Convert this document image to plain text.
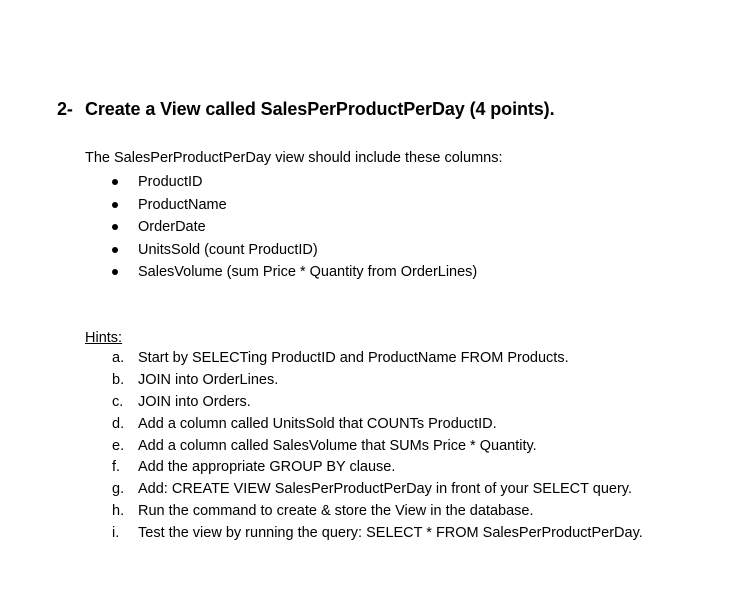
2- Create a View called SalesPerProductPerDay (4 points).
The SalesPerProductPerDay view should include these columns:
ProductID
ProductName
OrderDate
UnitsSold (count ProductID)
SalesVolume (sum Price * Quantity from OrderLines)
Hints:
a. Start by SELECTing ProductID and ProductName FROM Products.
b. JOIN into OrderLines.
c. JOIN into Orders.
d. Add a column called UnitsSold that COUNTs ProductID.
e. Add a column called SalesVolume that SUMs Price * Quantity.
f. Add the appropriate GROUP BY clause.
g. Add: CREATE VIEW SalesPerProductPerDay in front of your SELECT query.
h. Run the command to create & store the View in the database.
i. Test the view by running the query: SELECT * FROM SalesPerProductPerDay.
